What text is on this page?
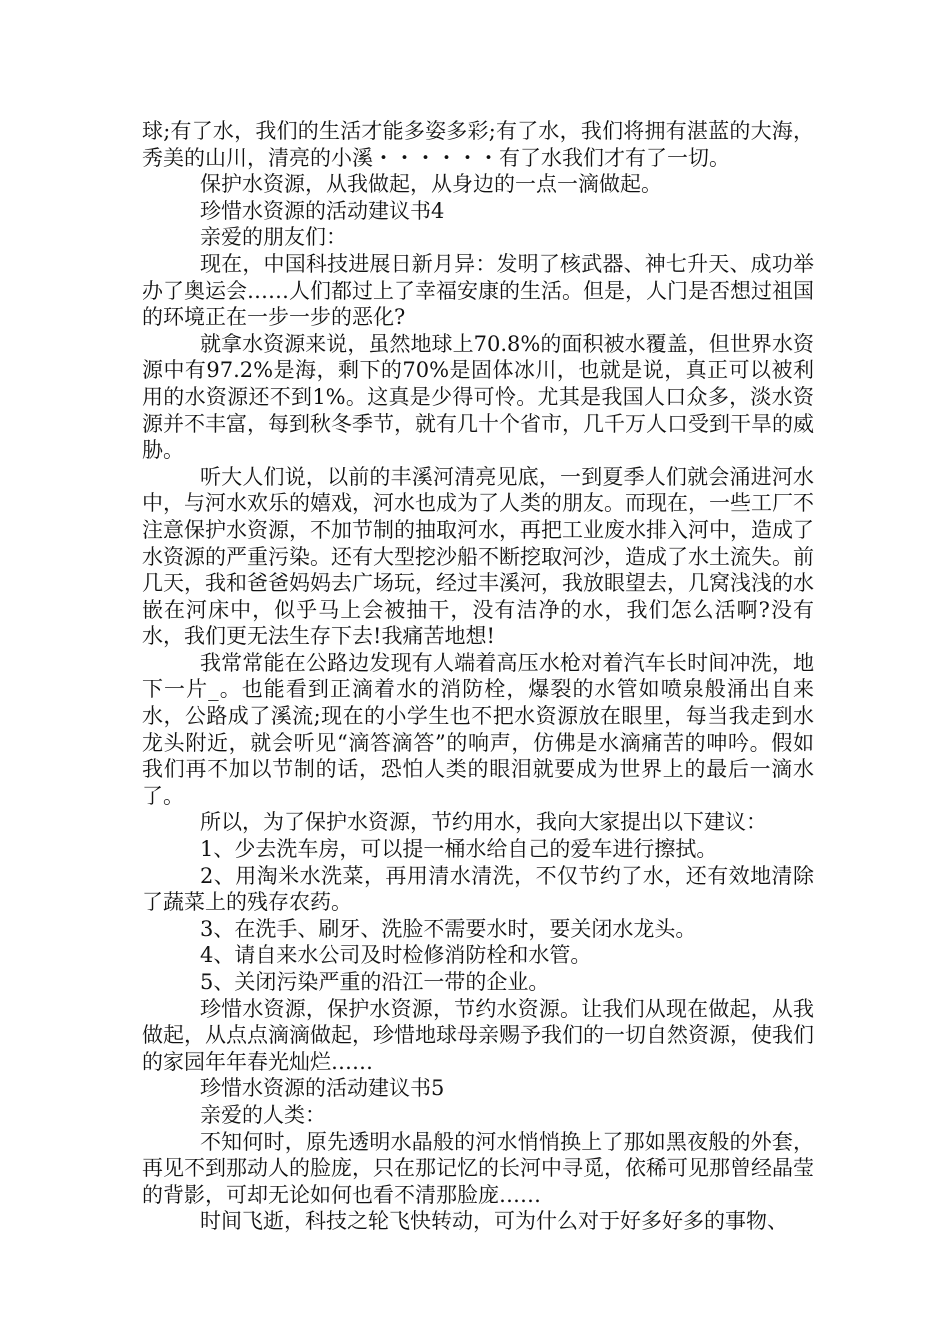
球;有了水，我们的生活才能多姿多彩;有了水，我们将拥有湛蓝的大海，秀美的山川，清亮的小溪・・・・・・有了水我们才有了一切。

保护水资源，从我做起，从身边的一点一滴做起。

珍惜水资源的活动建议书4

亲爱的朋友们：

现在，中国科技进展日新月异：发明了核武器、神七升天、成功举办了奥运会……人们都过上了幸福安康的生活。但是，人门是否想过祖国的环境正在一步一步的恶化?

就拿水资源来说，虽然地球上70.8%的面积被水覆盖，但世界水资源中有97.2%是海，剩下的70%是固体冰川，也就是说，真正可以被利用的水资源还不到1%。这真是少得可怜。尤其是我国人口众多，淡水资源并不丰富，每到秋冬季节，就有几十个省市，几千万人口受到干旱的威胁。

听大人们说，以前的丰溪河清亮见底，一到夏季人们就会涌进河水中，与河水欢乐的嬉戏，河水也成为了人类的朋友。而现在，一些工厂不注意保护水资源，不加节制的抽取河水，再把工业废水排入河中，造成了水资源的严重污染。还有大型挖沙船不断挖取河沙，造成了水土流失。前几天，我和爸爸妈妈去广场玩，经过丰溪河，我放眼望去，几窝浅浅的水嵌在河床中，似乎马上会被抽干，没有洁净的水，我们怎么活啊?没有水，我们更无法生存下去!我痛苦地想!

我常常能在公路边发现有人端着高压水枪对着汽车长时间冲洗，地下一片_。也能看到正滴着水的消防栓，爆裂的水管如喷泉般涌出自来水，公路成了溪流;现在的小学生也不把水资源放在眼里，每当我走到水龙头附近，就会听见“滴答滴答”的响声，仿佛是水滴痛苦的呻吟。假如我们再不加以节制的话，恐怕人类的眼泪就要成为世界上的最后一滴水了。

所以，为了保护水资源，节约用水，我向大家提出以下建议：

1、少去洗车房，可以提一桶水给自己的爱车进行擦拭。

2、用淘米水洗菜，再用清水清洗，不仅节约了水，还有效地清除了蔬菜上的残存农药。

3、在洗手、刷牙、洗脸不需要水时，要关闭水龙头。

4、请自来水公司及时检修消防栓和水管。

5、关闭污染严重的沿江一带的企业。

珍惜水资源，保护水资源，节约水资源。让我们从现在做起，从我做起，从点点滴滴做起，珍惜地球母亲赐予我们的一切自然资源，使我们的家园年年春光灿烂……

珍惜水资源的活动建议书5

亲爱的人类：

不知何时，原先透明水晶般的河水悄悄换上了那如黑夜般的外套，再见不到那动人的脸庞，只在那记忆的长河中寻觅，依稀可见那曾经晶莹的背影，可却无论如何也看不清那脸庞……

时间飞逝，科技之轮飞快转动，可为什么对于好多好多的事物、
